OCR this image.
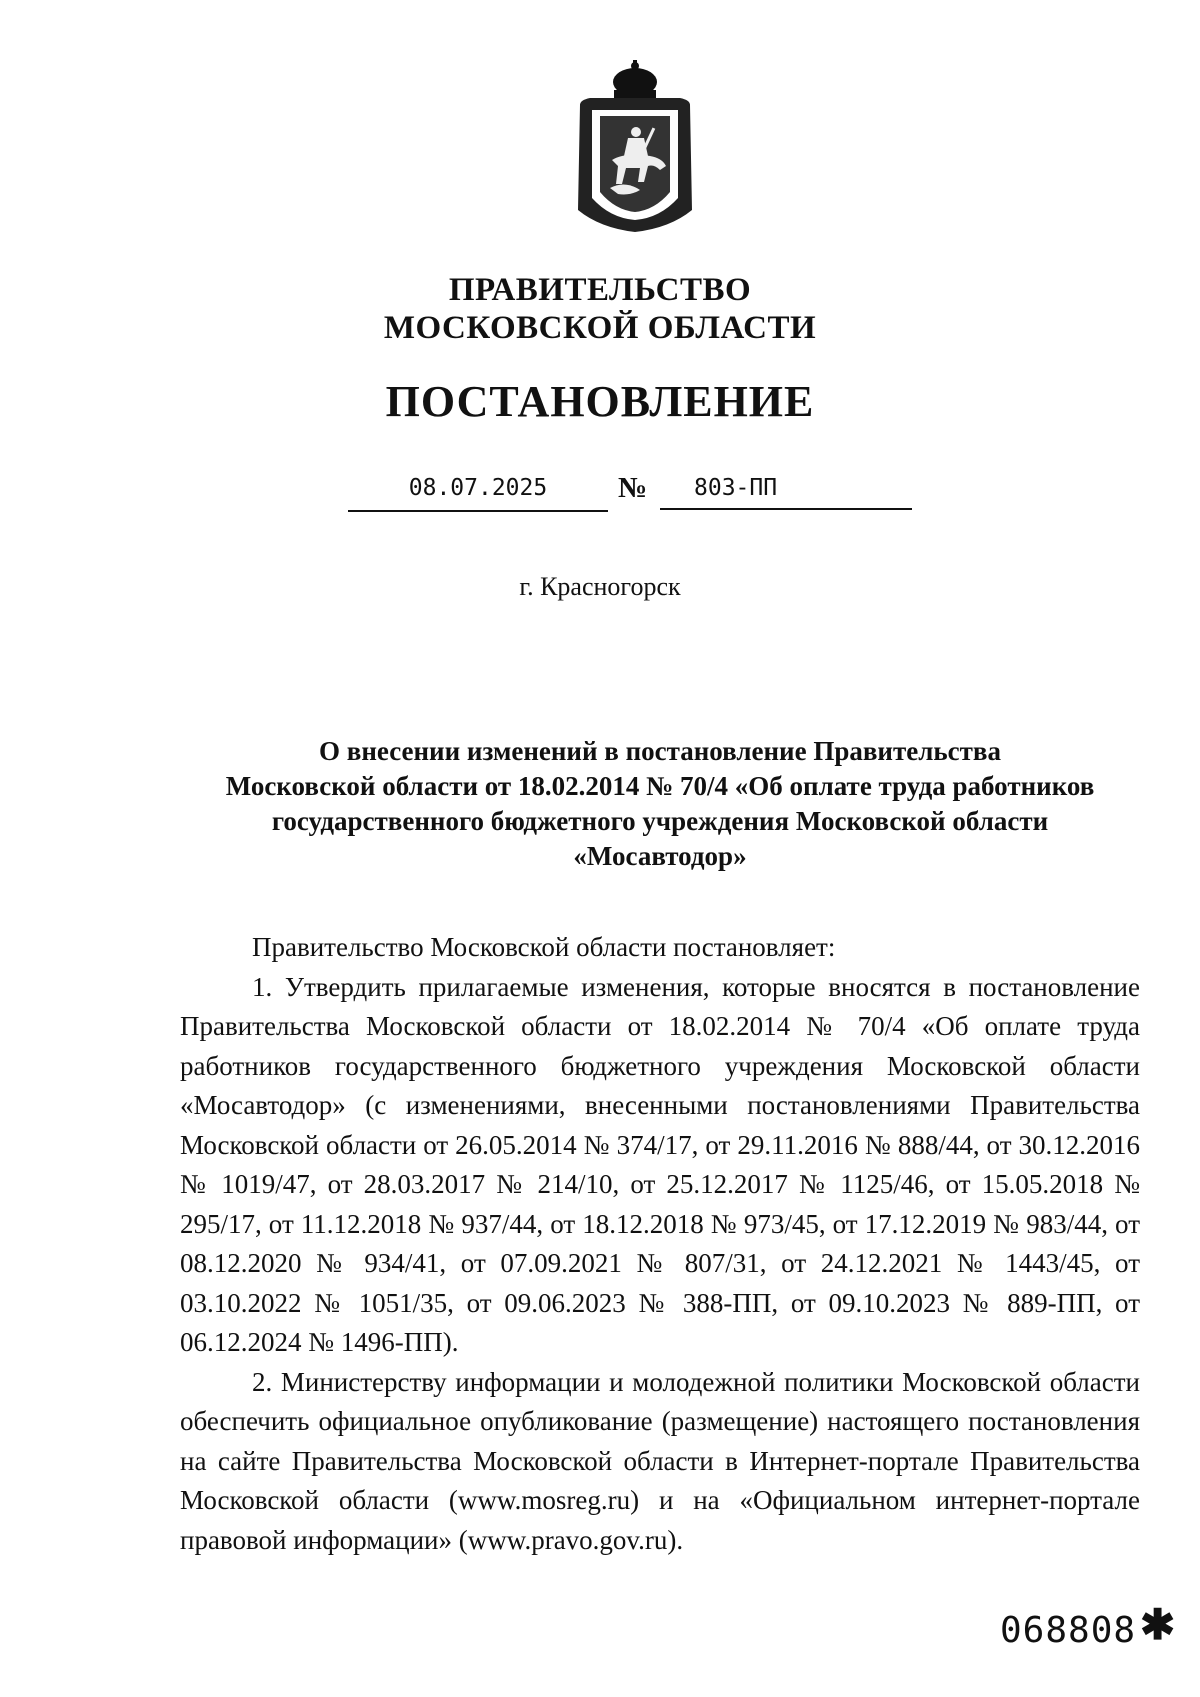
ПРАВИТЕЛЬСТВО
МОСКОВСКОЙ ОБЛАСТИ
ПОСТАНОВЛЕНИЕ
08.07.2025	№	803-ПП
г. Красногорск
О внесении изменений в постановление Правительства
Московской области от 18.02.2014 № 70/4 «Об оплате труда работников
государственного бюджетного учреждения Московской области
«Мосавтодор»

Правительство Московской области постановляет:

1. Утвердить прилагаемые изменения, которые вносятся в постановление Правительства Московской области от 18.02.2014 № 70/4 «Об оплате труда работников государственного бюджетного учреждения Московской области «Мосавтодор» (с изменениями, внесенными постановлениями Правительства Московской области от 26.05.2014 № 374/17, от 29.11.2016 № 888/44, от 30.12.2016 № 1019/47, от 28.03.2017 № 214/10, от 25.12.2017 № 1125/46, от 15.05.2018 № 295/17, от 11.12.2018 № 937/44, от 18.12.2018 № 973/45, от 17.12.2019 № 983/44, от 08.12.2020 № 934/41, от 07.09.2021 № 807/31, от 24.12.2021 № 1443/45, от 03.10.2022 № 1051/35, от 09.06.2023 № 388-ПП, от 09.10.2023 № 889-ПП, от 06.12.2024 № 1496-ПП).

2. Министерству информации и молодежной политики Московской области обеспечить официальное опубликование (размещение) настоящего постановления на сайте Правительства Московской области в Интернет-портале Правительства Московской области (www.mosreg.ru) и на «Официальном интернет-портале правовой информации» (www.pravo.gov.ru).

068808 ✱
